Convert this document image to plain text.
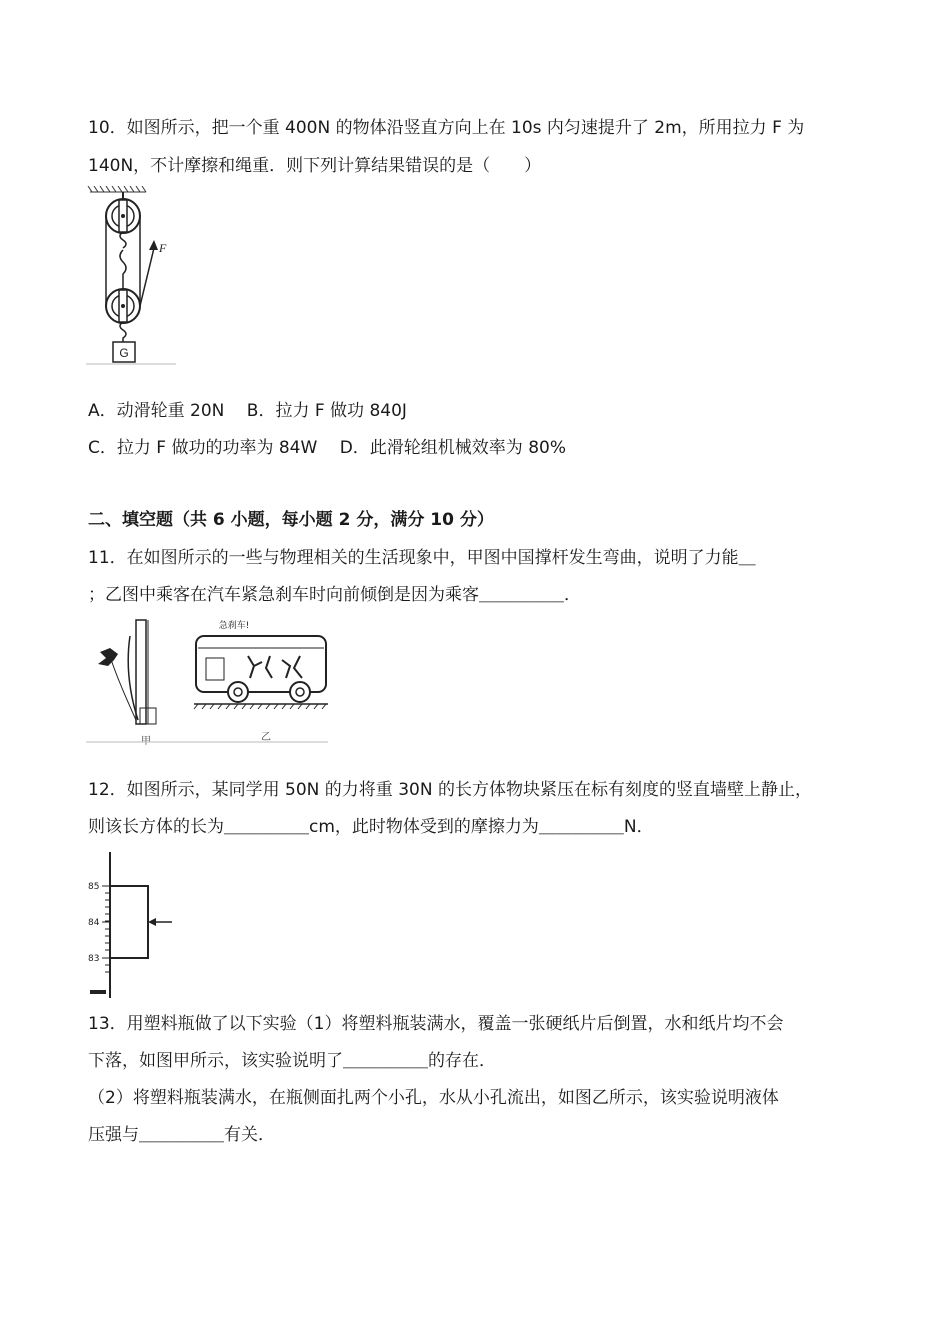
10．如图所示，把一个重 400N 的物体沿竖直方向上在 10s 内匀速提升了 2m，所用拉力 F 为
140N，不计摩擦和绳重．则下列计算结果错误的是（　　）
F
G
A．动滑轮重 20N　 B．拉力 F 做功 840J
C．拉力 F 做功的功率为 84W　 D．此滑轮组机械效率为 80%
二、填空题（共 6 小题，每小题 2 分，满分 10 分）
11．在如图所示的一些与物理相关的生活现象中，甲图中国撑杆发生弯曲，说明了力能＿
；乙图中乘客在汽车紧急刹车时向前倾倒是因为乘客＿＿＿＿＿．
甲
急刹车!
乙
12．如图所示，某同学用 50N 的力将重 30N 的长方体物块紧压在标有刻度的竖直墙壁上静止，
则该长方体的长为＿＿＿＿＿cm，此时物体受到的摩擦力为＿＿＿＿＿N．
85
84
83
13．用塑料瓶做了以下实验（1）将塑料瓶装满水，覆盖一张硬纸片后倒置，水和纸片均不会
下落，如图甲所示，该实验说明了＿＿＿＿＿的存在．
（2）将塑料瓶装满水，在瓶侧面扎两个小孔，水从小孔流出，如图乙所示，该实验说明液体
压强与＿＿＿＿＿有关．
